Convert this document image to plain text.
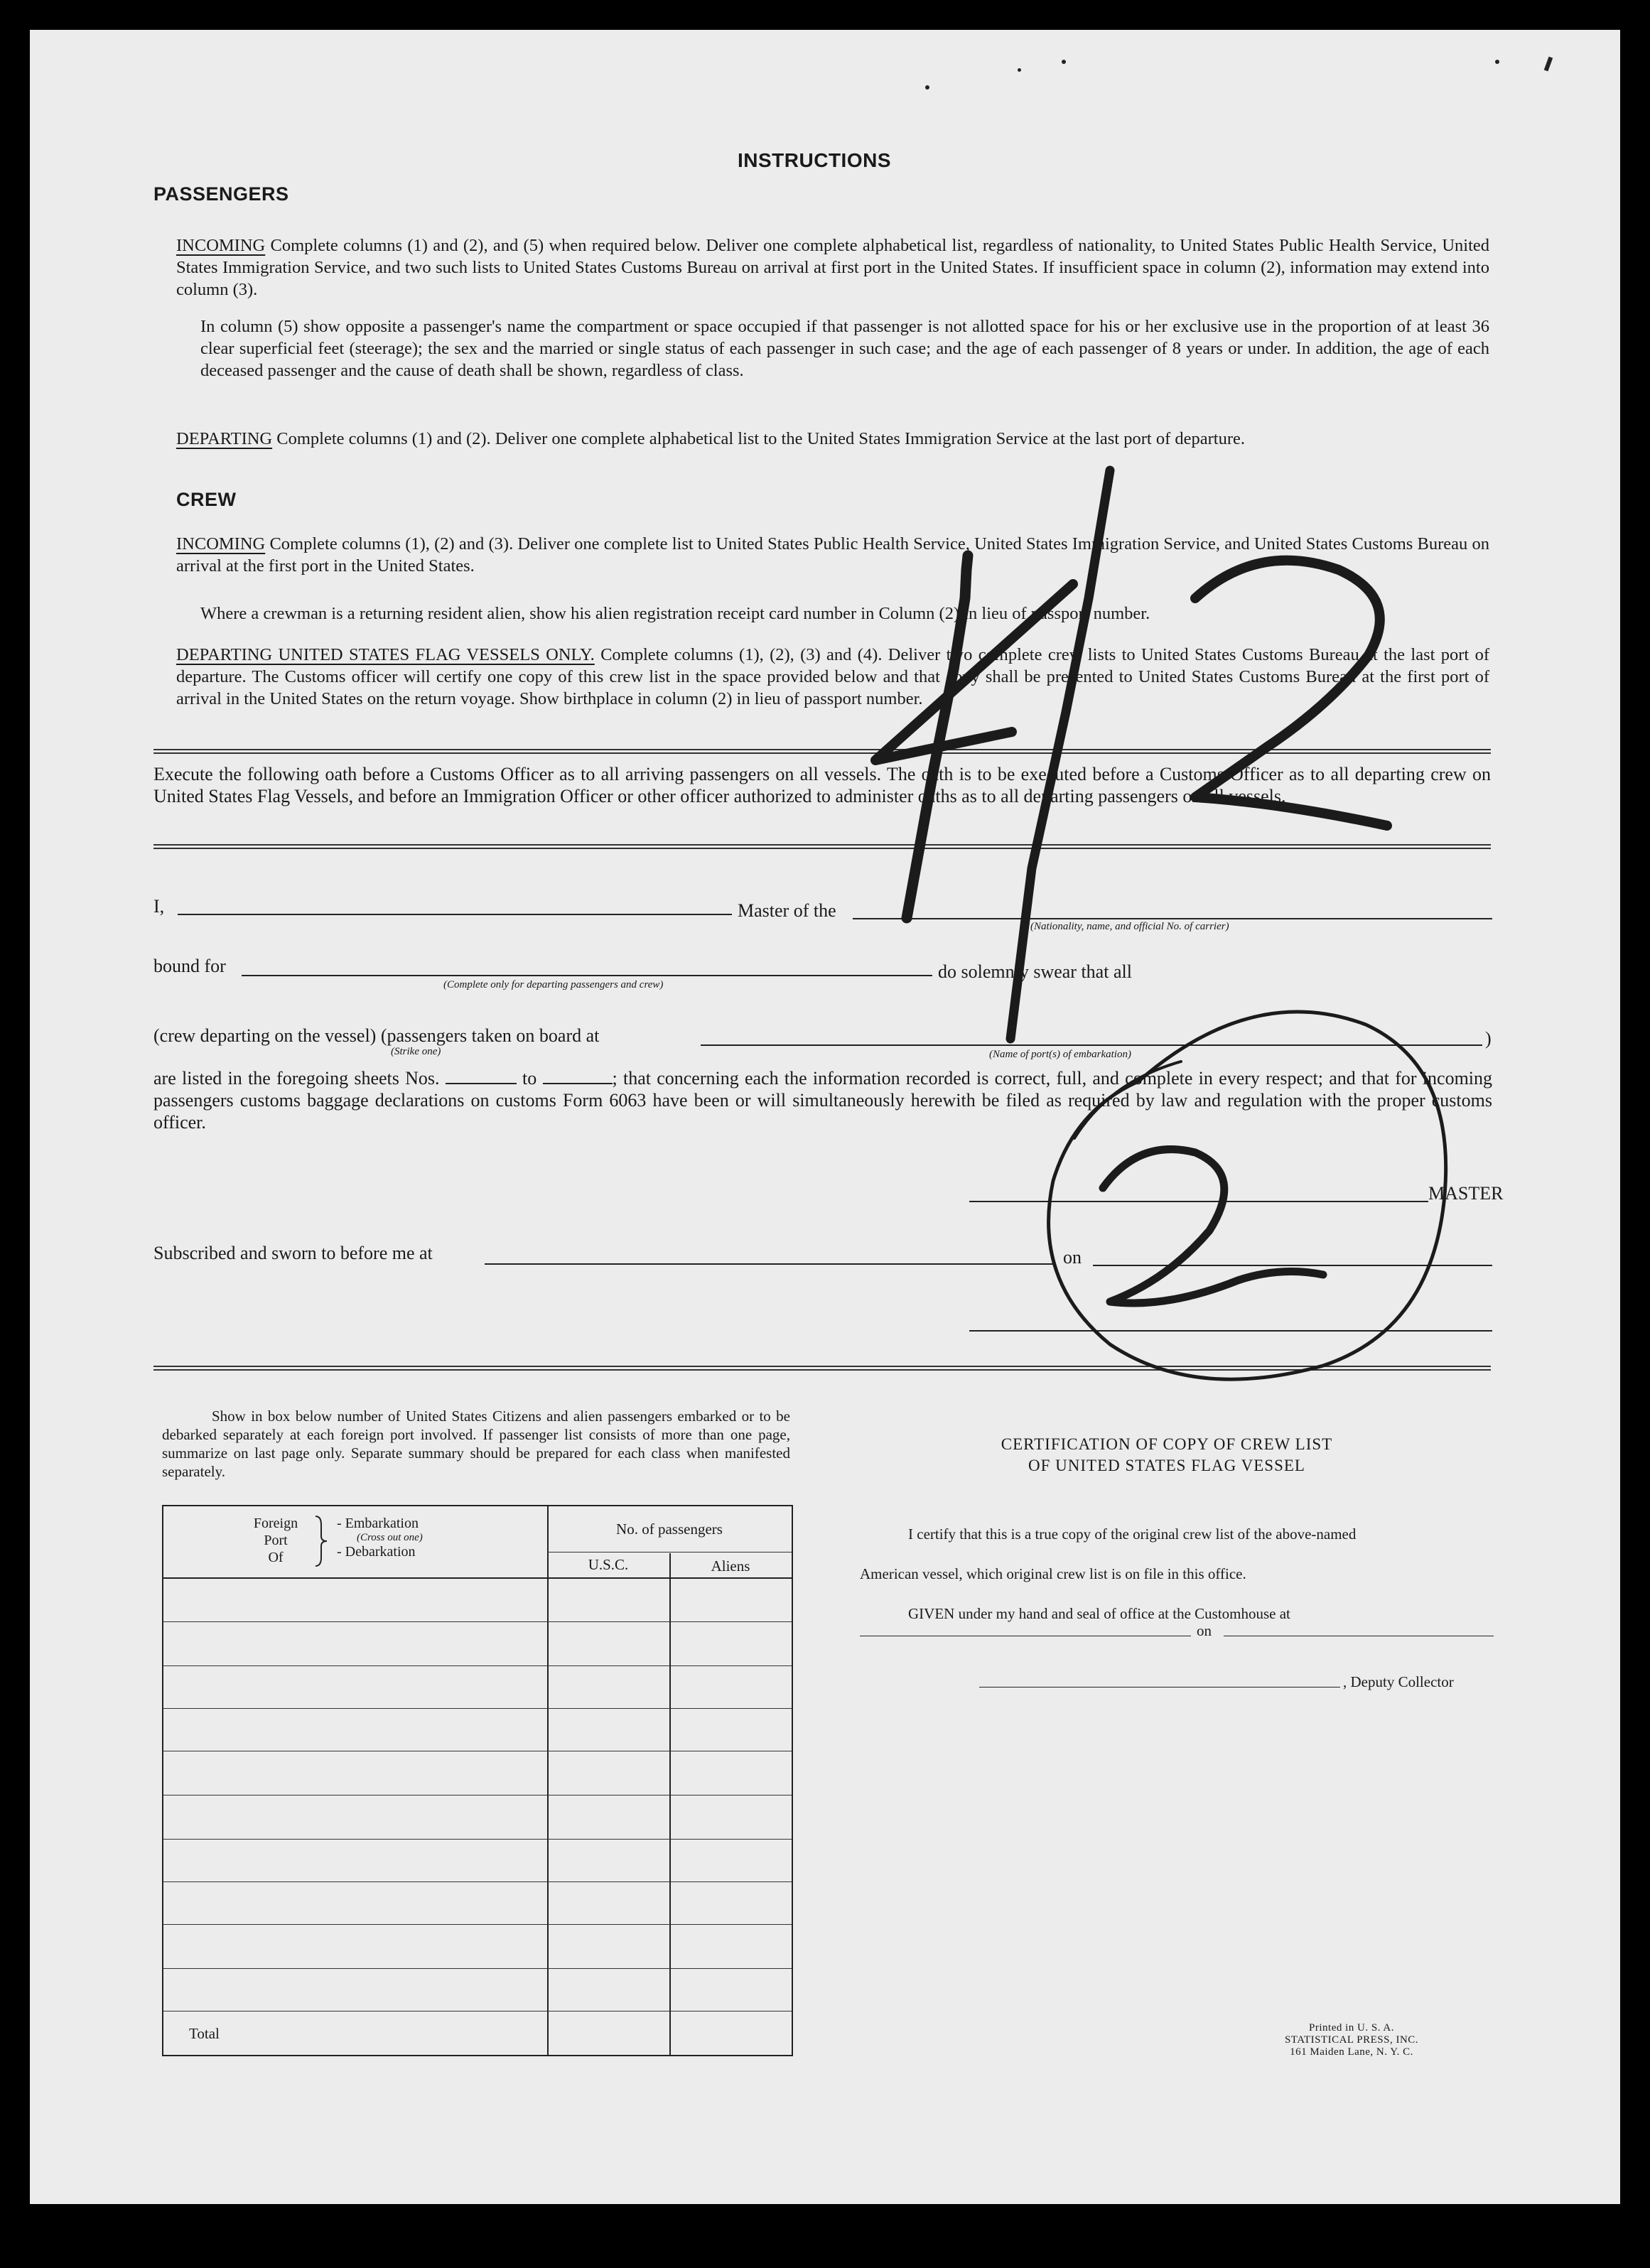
INSTRUCTIONS
PASSENGERS
INCOMING Complete columns (1) and (2), and (5) when required below. Deliver one complete alphabetical list, regardless of nationality, to United States Public Health Service, United States Immigration Service, and two such lists to United States Customs Bureau on arrival at first port in the United States. If insufficient space in column (2), information may extend into column (3).
In column (5) show opposite a passenger's name the compartment or space occupied if that passenger is not allotted space for his or her exclusive use in the proportion of at least 36 clear superficial feet (steerage); the sex and the married or single status of each passenger in such case; and the age of each passenger of 8 years or under. In addition, the age of each deceased passenger and the cause of death shall be shown, regardless of class.
DEPARTING Complete columns (1) and (2). Deliver one complete alphabetical list to the United States Immigration Service at the last port of departure.
CREW
INCOMING Complete columns (1), (2) and (3). Deliver one complete list to United States Public Health Service, United States Immigration Service, and United States Customs Bureau on arrival at the first port in the United States.
Where a crewman is a returning resident alien, show his alien registration receipt card number in Column (2) in lieu of passport number.
DEPARTING UNITED STATES FLAG VESSELS ONLY. Complete columns (1), (2), (3) and (4). Deliver two complete crew lists to United States Customs Bureau at the last port of departure. The Customs officer will certify one copy of this crew list in the space provided below and that copy shall be presented to United States Customs Bureau at the first port of arrival in the United States on the return voyage. Show birthplace in column (2) in lieu of passport number.
Execute the following oath before a Customs Officer as to all arriving passengers on all vessels. The oath is to be executed before a Customs Officer as to all departing crew on United States Flag Vessels, and before an Immigration Officer or other officer authorized to administer oaths as to all departing passengers on all vessels.
I,	Master of the
(Nationality, name, and official No. of carrier)
bound for
(Complete only for departing passengers and crew)
do solemnly swear that all
(crew departing on the vessel) (passengers taken on board at
(Strike one)
)
(Name of port(s) of embarkation)
are listed in the foregoing sheets Nos.	to	; that concerning each the information recorded is correct, full, and complete in every respect; and that for incoming passengers customs baggage declarations on customs Form 6063 have been or will simultaneously herewith be filed as required by law and regulation with the proper customs officer.
MASTER
Subscribed and sworn to before me at	on
Show in box below number of United States Citizens and alien passengers embarked or to be debarked separately at each foreign port involved. If passenger list consists of more than one page, summarize on last page only. Separate summary should be prepared for each class when manifested separately.
Foreign
Port
Of
- Embarkation
(Cross out one)
- Debarkation
No. of passengers
U.S.C.	Aliens
Total
CERTIFICATION OF COPY OF CREW LIST
OF UNITED STATES FLAG VESSEL
I certify that this is a true copy of the original crew list of the above-named
American vessel, which original crew list is on file in this office.
GIVEN under my hand and seal of office at the Customhouse at
on
, Deputy Collector
Printed in U. S. A.
STATISTICAL PRESS, INC.
161 Maiden Lane, N. Y. C.
